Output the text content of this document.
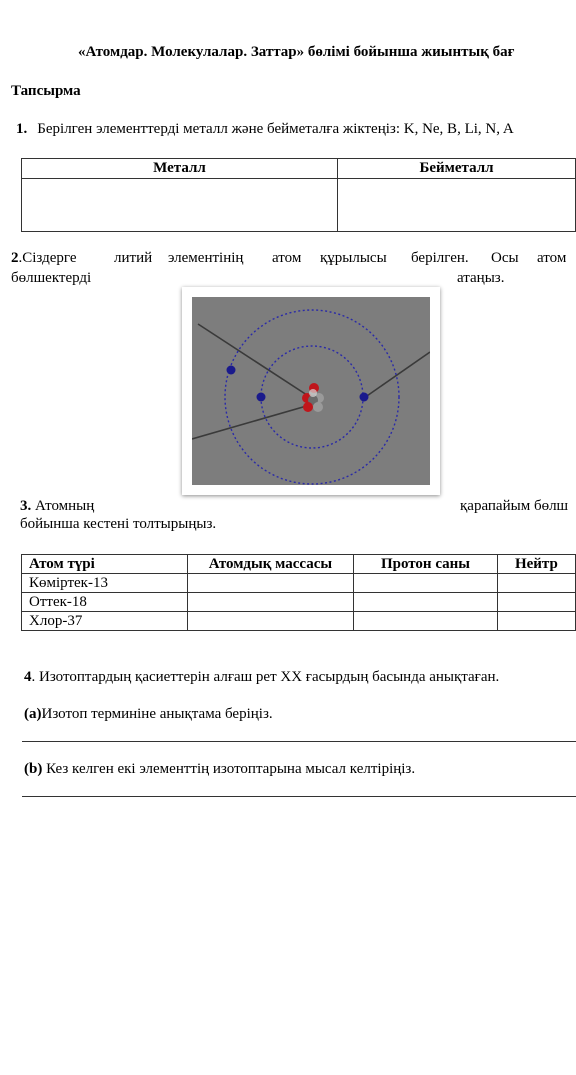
«Атомдар. Молекулалар. Заттар» бөлімі бойынша жиынтық бағ
Тапсырма
1. Берілген элементтерді металл және бейметалға жіктеңіз: K, Ne, B, Li, N, A
Металл	Бейметалл

2.Сіздерге	литий элементінің атом құрылысы берілген. Осы атом
бөлшектерді	атаңыз.
3. Атомның	қарапайым бөлш
бойынша кестені толтырыңыз.
Атом түрі	Атомдық массасы	Протон саны	Нейтр
Көміртек-13			
Оттек-18			
Хлор-37			
4. Изотоптардың қасиеттерін алғаш рет XX ғасырдың басында анықтаған.
(a)Изотоп терминіне анықтама беріңіз.
(b) Кез келген екі элементтің изотоптарына мысал келтіріңіз.
